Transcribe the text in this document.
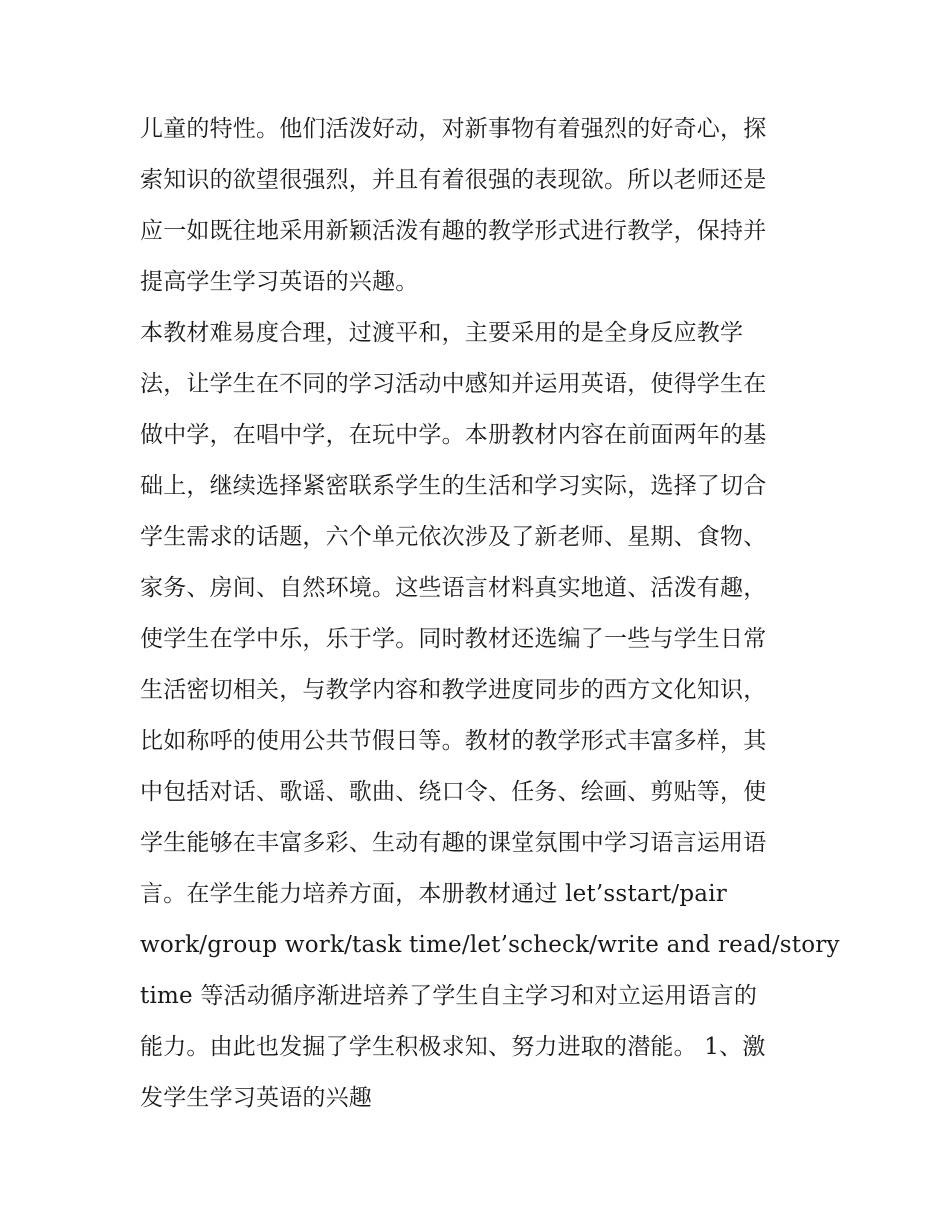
儿童的特性。他们活泼好动，对新事物有着强烈的好奇心，探
索知识的欲望很强烈，并且有着很强的表现欲。所以老师还是
应一如既往地采用新颖活泼有趣的教学形式进行教学，保持并
提高学生学习英语的兴趣。
本教材难易度合理，过渡平和，主要采用的是全身反应教学
法，让学生在不同的学习活动中感知并运用英语，使得学生在
做中学，在唱中学，在玩中学。本册教材内容在前面两年的基
础上，继续选择紧密联系学生的生活和学习实际，选择了切合
学生需求的话题，六个单元依次涉及了新老师、星期、食物、
家务、房间、自然环境。这些语言材料真实地道、活泼有趣，
使学生在学中乐，乐于学。同时教材还选编了一些与学生日常
生活密切相关，与教学内容和教学进度同步的西方文化知识，
比如称呼的使用公共节假日等。教材的教学形式丰富多样，其
中包括对话、歌谣、歌曲、绕口令、任务、绘画、剪贴等，使
学生能够在丰富多彩、生动有趣的课堂氛围中学习语言运用语
言。在学生能力培养方面，本册教材通过 let’sstart/pair
work/group work/task time/let’scheck/write and read/story
time 等活动循序渐进培养了学生自主学习和对立运用语言的
能力。由此也发掘了学生积极求知、努力进取的潜能。 1、激
发学生学习英语的兴趣
